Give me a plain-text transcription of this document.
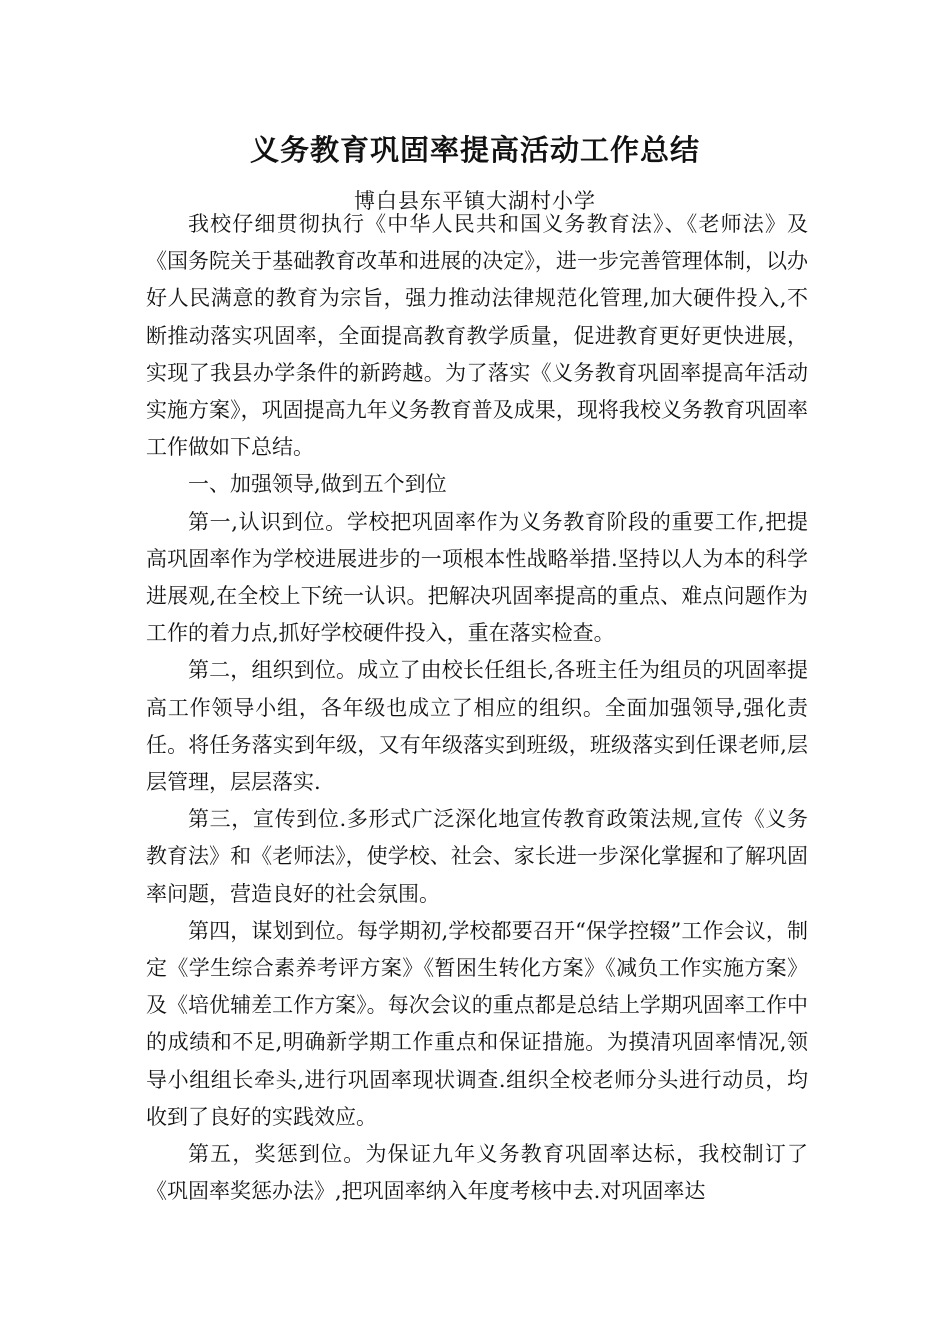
义务教育巩固率提高活动工作总结
博白县东平镇大湖村小学

我校仔细贯彻执行《中华人民共和国义务教育法》、《老师法》及《国务院关于基础教育改革和进展的决定》，进一步完善管理体制，以办好人民满意的教育为宗旨，强力推动法律规范化管理,加大硬件投入,不断推动落实巩固率，全面提高教育教学质量，促进教育更好更快进展，实现了我县办学条件的新跨越。为了落实《义务教育巩固率提高年活动实施方案》，巩固提高九年义务教育普及成果，现将我校义务教育巩固率工作做如下总结。

一、加强领导,做到五个到位

第一,认识到位。学校把巩固率作为义务教育阶段的重要工作,把提高巩固率作为学校进展进步的一项根本性战略举措.坚持以人为本的科学进展观,在全校上下统一认识。把解决巩固率提高的重点、难点问题作为工作的着力点,抓好学校硬件投入，重在落实检查。

第二，组织到位。成立了由校长任组长,各班主任为组员的巩固率提高工作领导小组，各年级也成立了相应的组织。全面加强领导,强化责任。将任务落实到年级，又有年级落实到班级，班级落实到任课老师,层层管理，层层落实.

第三，宣传到位.多形式广泛深化地宣传教育政策法规,宣传《义务教育法》和《老师法》，使学校、社会、家长进一步深化掌握和了解巩固率问题，营造良好的社会氛围。

第四，谋划到位。每学期初,学校都要召开“保学控辍”工作会议，制定《学生综合素养考评方案》《暂困生转化方案》《减负工作实施方案》及《培优辅差工作方案》。每次会议的重点都是总结上学期巩固率工作中的成绩和不足,明确新学期工作重点和保证措施。为摸清巩固率情况,领导小组组长牵头,进行巩固率现状调查.组织全校老师分头进行动员，均收到了良好的实践效应。

第五，奖惩到位。为保证九年义务教育巩固率达标，我校制订了《巩固率奖惩办法》,把巩固率纳入年度考核中去.对巩固率达
